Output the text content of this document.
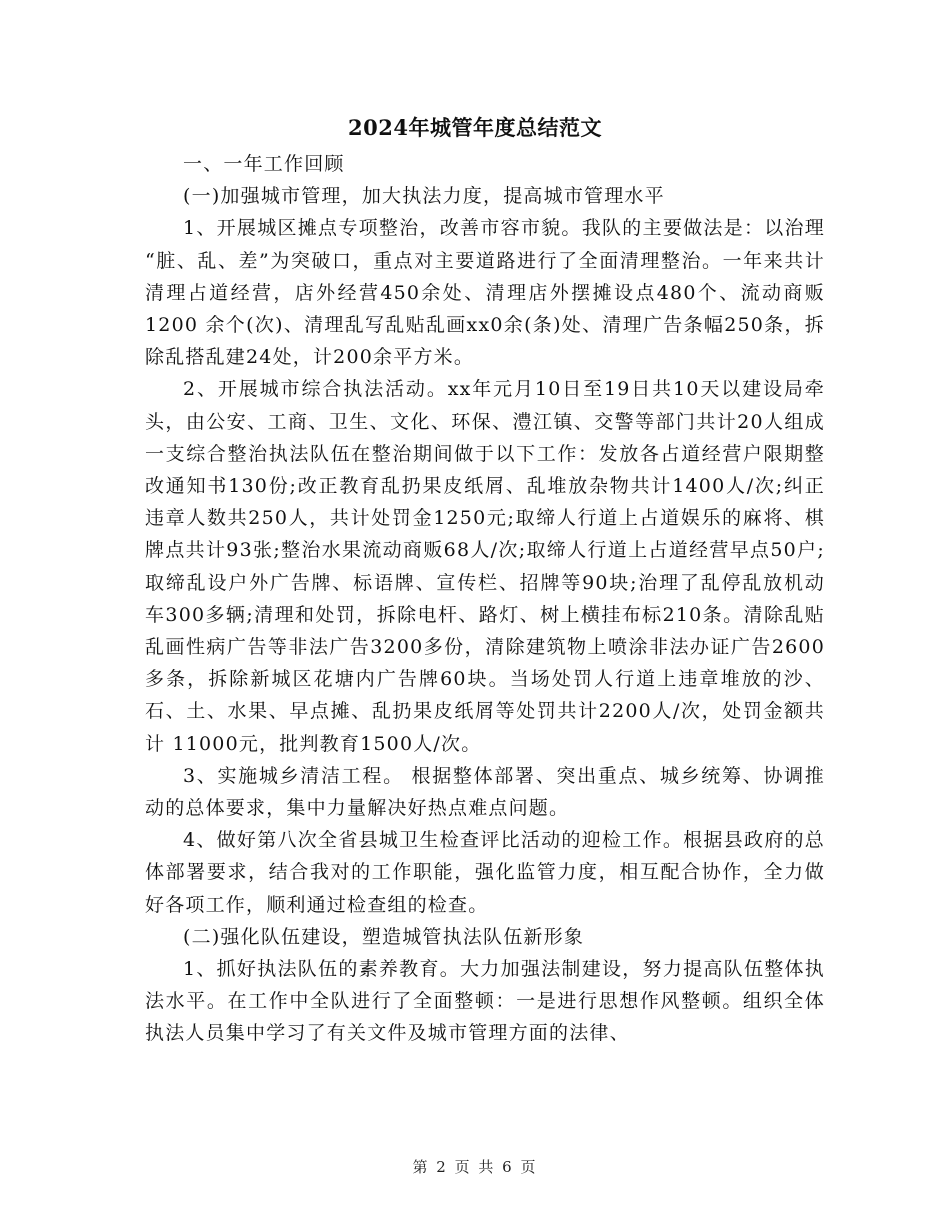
2024年城管年度总结范文

一、一年工作回顾

(一)加强城市管理，加大执法力度，提高城市管理水平

1、开展城区摊点专项整治，改善市容市貌。我队的主要做法是：以治理 “脏、乱、差”为突破口，重点对主要道路进行了全面清理整治。一年来共计清理占道经营，店外经营450余处、清理店外摆摊设点480个、流动商贩1200 余个(次)、清理乱写乱贴乱画xx0余(条)处、清理广告条幅250条，拆除乱搭乱建24处，计200余平方米。

2、开展城市综合执法活动。xx年元月10日至19日共10天以建设局牵头，由公安、工商、卫生、文化、环保、澧江镇、交警等部门共计20人组成一支综合整治执法队伍在整治期间做于以下工作：发放各占道经营户限期整改通知书130份;改正教育乱扔果皮纸屑、乱堆放杂物共计1400人/次;纠正违章人数共250人，共计处罚金1250元;取缔人行道上占道娱乐的麻将、棋牌点共计93张;整治水果流动商贩68人/次;取缔人行道上占道经营早点50户;取缔乱设户外广告牌、标语牌、宣传栏、招牌等90块;治理了乱停乱放机动车300多辆;清理和处罚，拆除电杆、路灯、树上横挂布标210条。清除乱贴乱画性病广告等非法广告3200多份，清除建筑物上喷涂非法办证广告2600 多条，拆除新城区花塘内广告牌60块。当场处罚人行道上违章堆放的沙、石、土、水果、早点摊、乱扔果皮纸屑等处罚共计2200人/次，处罚金额共计 11000元，批判教育1500人/次。

3、实施城乡清洁工程。 根据整体部署、突出重点、城乡统筹、协调推动的总体要求，集中力量解决好热点难点问题。

4、做好第八次全省县城卫生检查评比活动的迎检工作。根据县政府的总体部署要求，结合我对的工作职能，强化监管力度，相互配合协作，全力做好各项工作，顺利通过检查组的检查。

(二)强化队伍建设，塑造城管执法队伍新形象

1、抓好执法队伍的素养教育。大力加强法制建设，努力提高队伍整体执法水平。在工作中全队进行了全面整顿：一是进行思想作风整顿。组织全体执法人员集中学习了有关文件及城市管理方面的法律、

第 2 页 共 6 页
